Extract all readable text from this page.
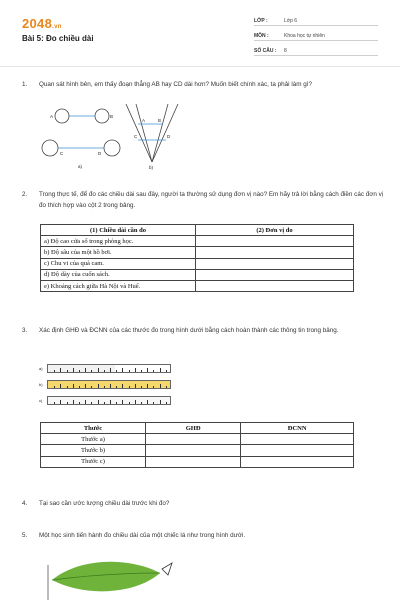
2048.vn
Bài 5: Đo chiều dài
LỚP :	Lớp 6
MÔN :	Khoa học tự nhiên
SỐ CÂU : 8
1. Quan sát hình bên, em thấy đoạn thẳng AB hay CD dài hơn? Muốn biết chính xác, ta phải làm gì?
A	B
C	D
a)
A	B
C	D
b)
2. Trong thực tế, để đo các chiều dài sau đây, người ta thường sử dụng đơn vị nào? Em hãy trả lời bằng cách điền các đơn vị đo thích hợp vào cột 2 trong bảng.
(1) Chiều dài cần đo	(2) Đơn vị đo
a) Độ cao cửa sổ trong phòng học.	
b) Độ sâu của một hồ bơi.	
c) Chu vi của quả cam.	
d) Độ dày của cuốn sách.	
e) Khoảng cách giữa Hà Nội và Huế.	
3. Xác định GHĐ và ĐCNN của các thước đo trong hình dưới bằng cách hoàn thành các thông tin trong bảng.
a)
b)
c)
Thước	GHĐ	ĐCNN
Thước a)		
Thước b)		
Thước c)		
4. Tại sao cần ước lượng chiều dài trước khi đo?
5. Một học sinh tiến hành đo chiều dài của một chiếc lá như trong hình dưới.
